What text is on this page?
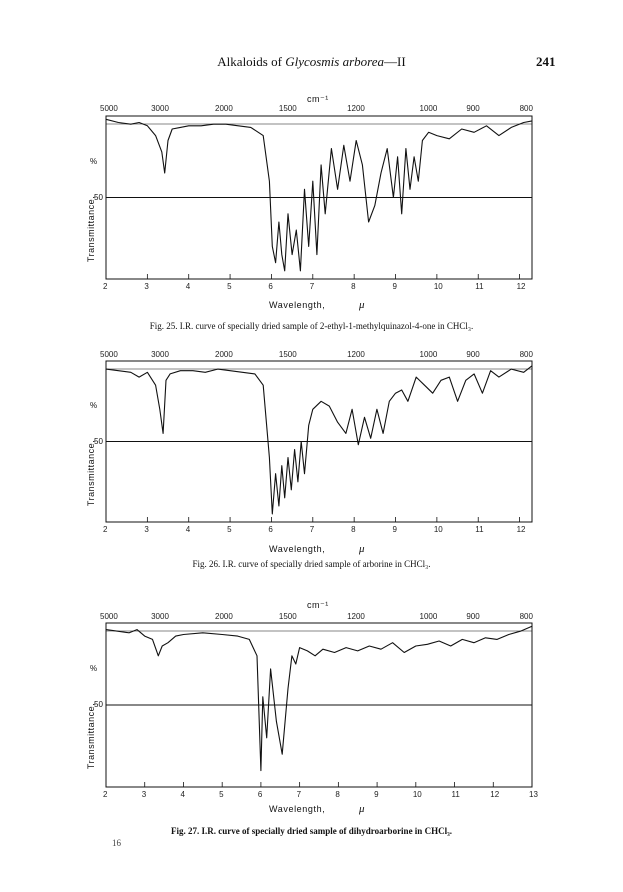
Alkaloids of Glycosmis arborea—II	241
cm⁻¹
5000	3000	2000	1500	1200	1000	900	800
2	3	4	5	6	7	8	9	10	11	12
Transmittance,
%
50
Wavelength,	μ
Fig. 25. I.R. curve of specially dried sample of 2-ethyl-1-methylquinazol-4-one in CHCl₃.
5000	3000	2000	1500	1200	1000	900	800
2	3	4	5	6	7	8	9	10	11	12
Transmittance,
%
50
Wavelength,	μ
Fig. 26. I.R. curve of specially dried sample of arborine in CHCl₃.
cm⁻¹
5000	3000	2000	1500	1200	1000	900	800
2	3	4	5	6	7	8	9	10	11	12	13
Transmittance,
%
50
Wavelength,	μ
Fig. 27. I.R. curve of specially dried sample of dihydroarborine in CHCl₃.
16
